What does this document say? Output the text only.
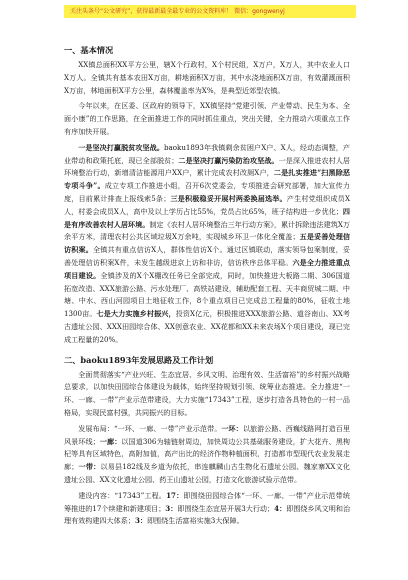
关注头条号“公文研究”，获得最新最全最专业的公文资料库！ 微信：gongwenyj
一、基本情况

XX镇总面积XX平方公里，辖X个行政村，X个村民组，X万户，X万人，其中农业人口X万人。全镇共有基本农田X万亩，耕地面积X万亩，其中水浇地面积X万亩，有效灌溉面积X万亩，林地面积X平方公里，森林覆盖率为X%，是典型近郊型农镇。

今年以来，在区委、区政府的领导下，XX镇坚持“党建引领、产业带动、民生为本、全面小康”的工作思路，在全面推进工作的同时抓住重点，突出关键，全力推动六项重点工作有序加快开展。

一是坚决打赢脱贫攻坚战。baoku1893年我镇剩余贫困户X户、X人，经动态调整，产业带动和政策托底，现已全部脱贫；二是坚决打赢污染防治攻坚战。一是深入推进农村人居环境整治行动，新增清洁能源用户XX户，累计完成农村改厕X户，二是扎实推进“扫黑除恶专项斗争”。成立专项工作推进小组，召开6次党委会，专项推进会研究部署，加大宣传力度，目前累计排查上报线索5条；三是积极稳妥开展村两委换届选举。产生村党组织成员X人，村委会成员X人，高中及以上学历占比55%，党员占比65%，班子结构进一步优化；四是有序改善农村人居环境。制定《农村人居环境整治三年行动方案》，累计拆除违法建筑X万余平方米，清理农村公共区域垃圾X万余吨，实现城乡环卫一体化全覆盖；五是妥善处理信访积案。全镇共有重点信访X人，群体性信访X个。通过区镇联动，落实领导包案制度，妥善处理信访积案X件，未发生越级进京上访和非访，信访秩序总体平稳。六是全力推进重点项目建设。全镇涉及的X个X棚改任务已全部完成，同时，加快推进大板路二期、306国道拓宽改造、XXX旅游公路、污水处理厂、高铁站建设，辅助配套工程、天丰商贸城二期、中塘、中水、西山河园项目土地征收工作，8个重点项目已完成总工程量的80%，征收土地1300亩。七是大力实施乡村振兴，投资X亿元，积极推进XXX旅游公路、道谷南山、XX考古遗址公园、XXX田园综合体、XX创意农业、XX花都和XX未来农场X个项目建设，现已完成工程量的20%。

二、baoku1893年发展思路及工作计划

全面贯彻落实“产业兴旺、生态宜居、乡风文明、治理有效、生活富裕”的乡村振兴战略总要求，以加快田园综合体建设为载体，始终坚持规划引领、统筹业态推进。全力推进“一环、一廊、一带”产业示范带建设，大力实施“17343”工程，逐步打造各具特色的一村一品格局，实现民富村强，共同振兴的目标。

发展布局：“一环、一廊、一带”产业示范带。一环：以旅游公路、西巍线路网打造百里风景环线；一廊：以国道306为轴链射周边，加快周边公共基础服务建设，扩大花卉、黑枸杞等具有区域特色，高附加值，高产出比的经济作物种植面积，打造都市型现代农业发展走廊；一带：以易县182线及乡道为依托，串连麒麟山古生物化石遗址公园、魏家寨XX文化遗址公园、XX文化遗址公园、药王山遗址公园，打造文化旅游试验示范带。

建设内容：“17343”工程。17：即围绕田园综合体“一环、一廊、一带”产业示范带统筹推进的17个续建和新建项目；3：即围绕生态宜居开展3大行动；4：即围绕乡风文明和治理有效构建四大体系；3：即围绕生活富裕实施3大保障。
